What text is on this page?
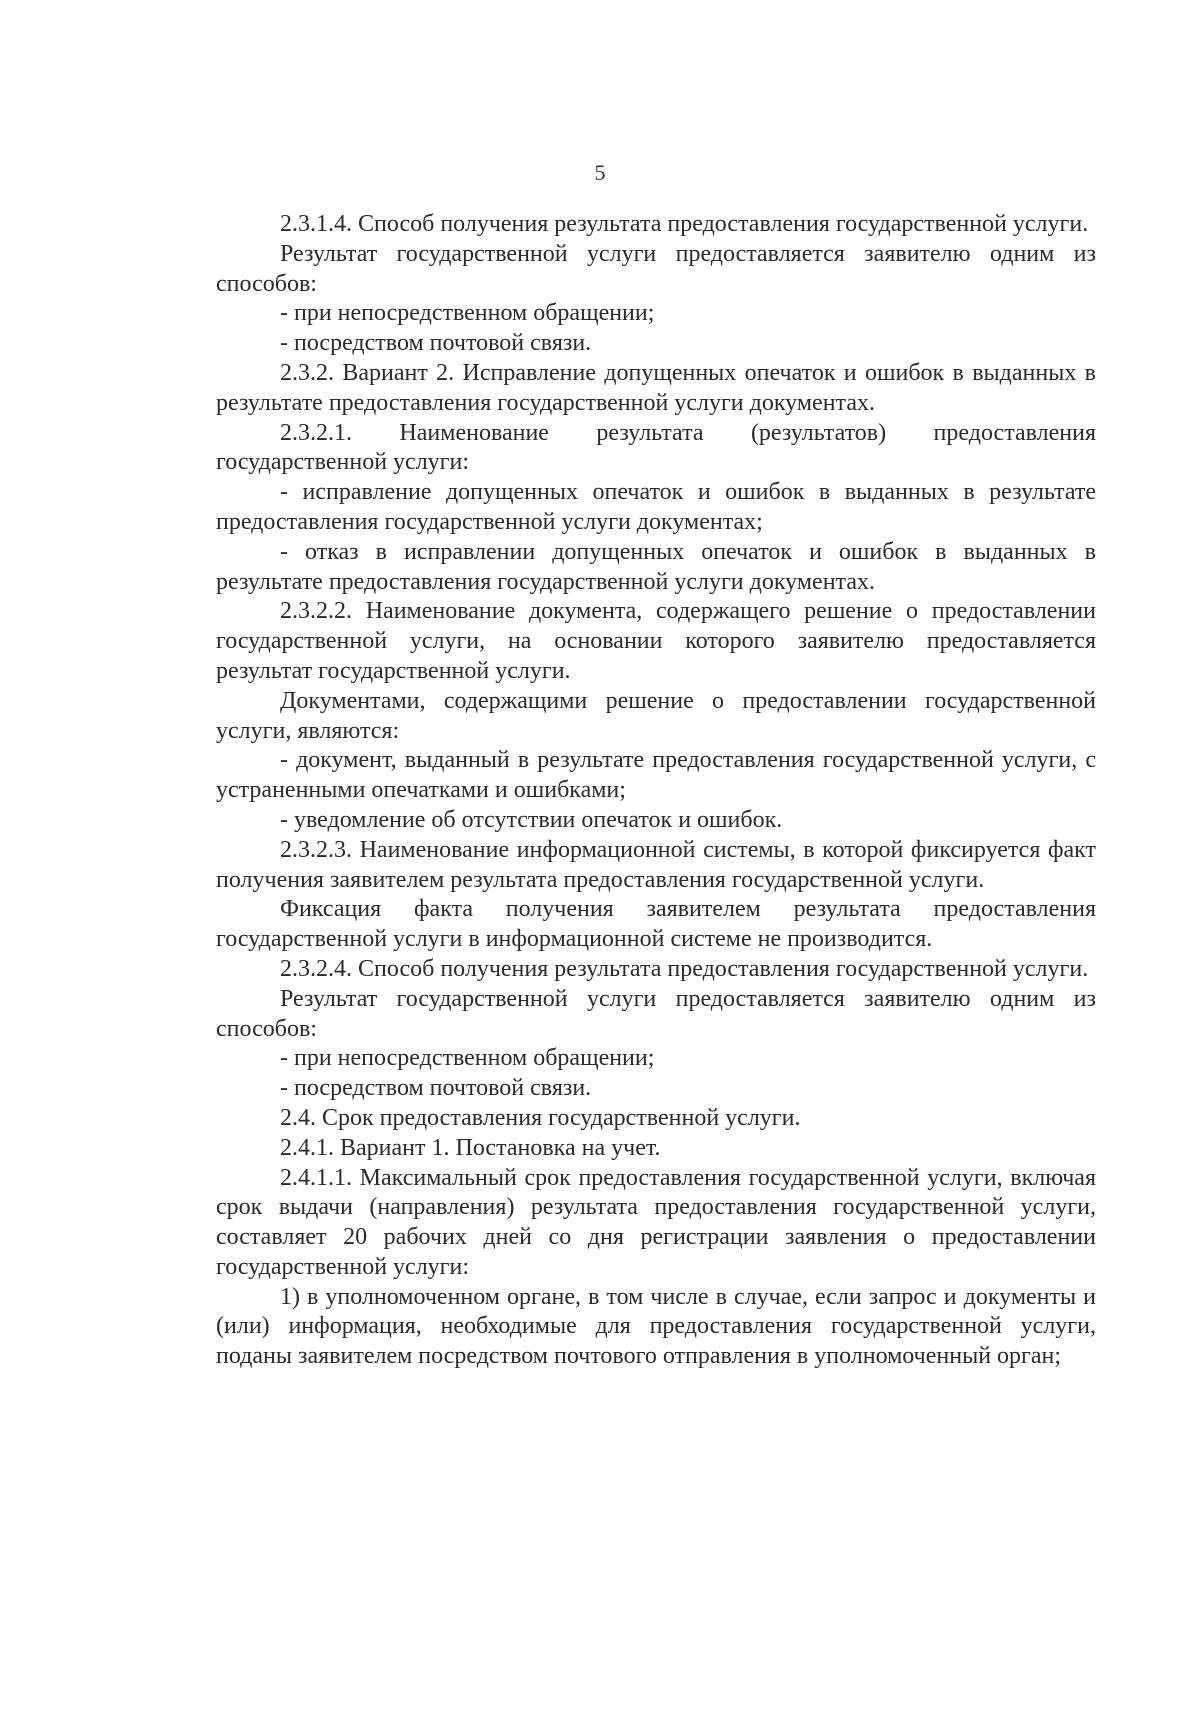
5

2.3.1.4. Способ получения результата предоставления государственной услуги.

Результат государственной услуги предоставляется заявителю одним из способов:

- при непосредственном обращении;

- посредством почтовой связи.

2.3.2. Вариант 2. Исправление допущенных опечаток и ошибок в выданных в результате предоставления государственной услуги документах.

2.3.2.1. Наименование результата (результатов) предоставления государственной услуги:

- исправление допущенных опечаток и ошибок в выданных в результате предоставления государственной услуги документах;

- отказ в исправлении допущенных опечаток и ошибок в выданных в результате предоставления государственной услуги документах.

2.3.2.2. Наименование документа, содержащего решение о предоставлении государственной услуги, на основании которого заявителю предоставляется результат государственной услуги.

Документами, содержащими решение о предоставлении государственной услуги, являются:

- документ, выданный в результате предоставления государственной услуги, с устраненными опечатками и ошибками;

- уведомление об отсутствии опечаток и ошибок.

2.3.2.3. Наименование информационной системы, в которой фиксируется факт получения заявителем результата предоставления государственной услуги.

Фиксация факта получения заявителем результата предоставления государственной услуги в информационной системе не производится.

2.3.2.4. Способ получения результата предоставления государственной услуги.

Результат государственной услуги предоставляется заявителю одним из способов:

- при непосредственном обращении;

- посредством почтовой связи.

2.4. Срок предоставления государственной услуги.

2.4.1. Вариант 1. Постановка на учет.

2.4.1.1. Максимальный срок предоставления государственной услуги, включая срок выдачи (направления) результата предоставления государственной услуги, составляет 20 рабочих дней со дня регистрации заявления о предоставлении государственной услуги:

1) в уполномоченном органе, в том числе в случае, если запрос и документы и (или) информация, необходимые для предоставления государственной услуги, поданы заявителем посредством почтового отправления в уполномоченный орган;
